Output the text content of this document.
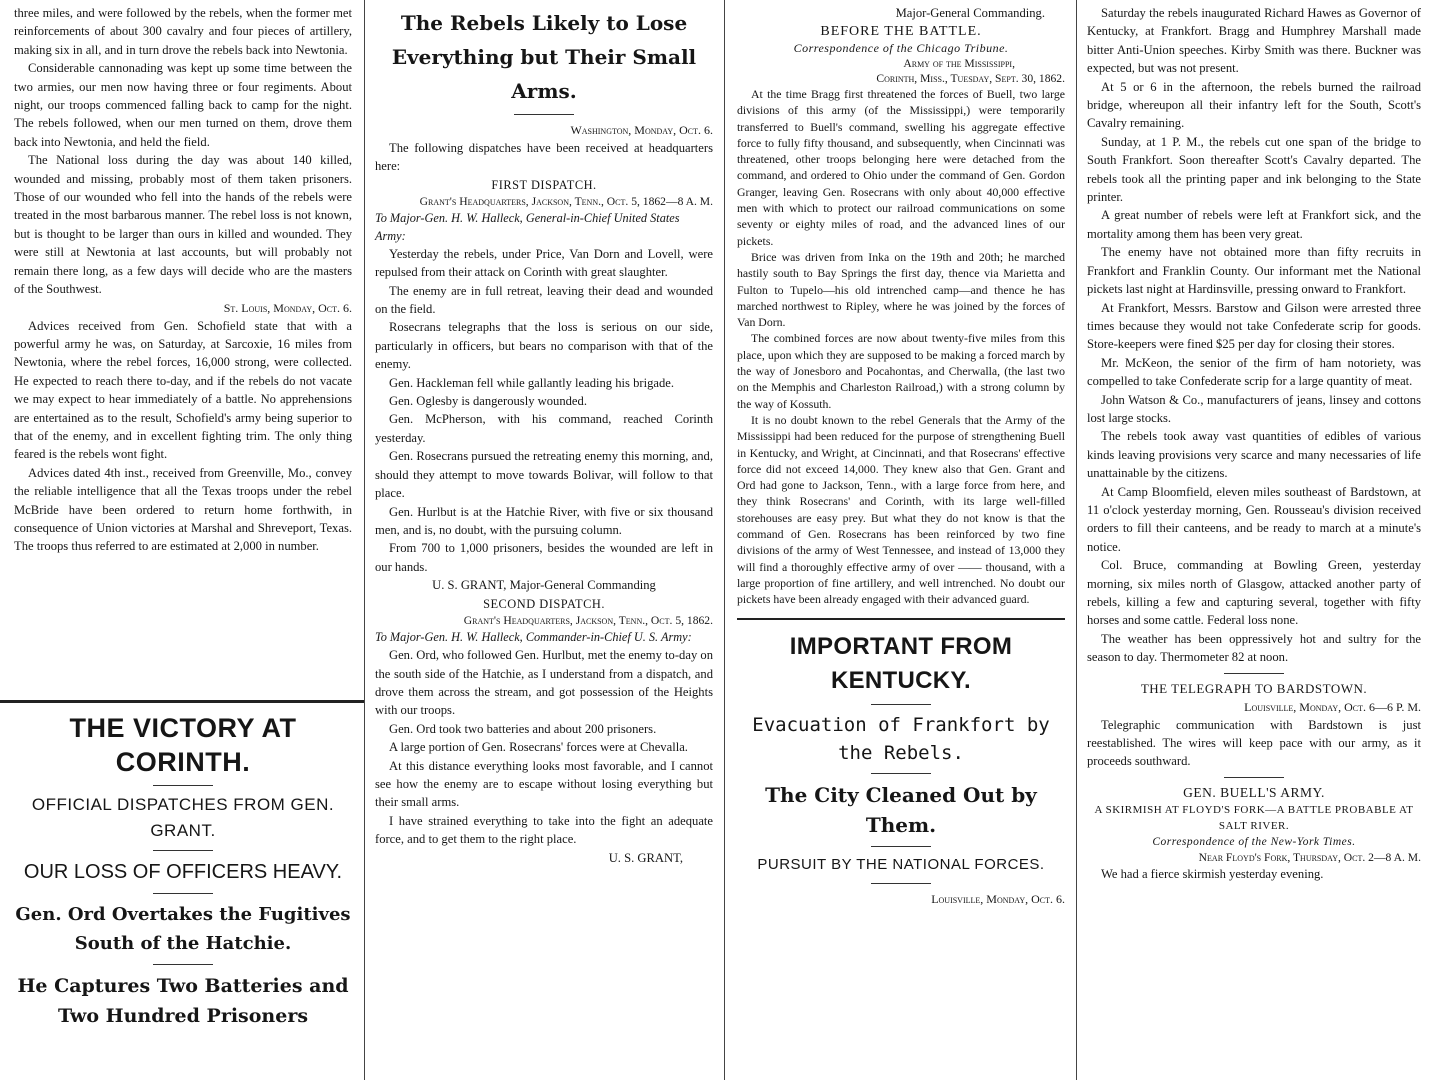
three miles, and were followed by the rebels, when the former met reinforcements of about 300 cavalry and four pieces of artillery, making six in all, and in turn drove the rebels back into Newtonia.

Considerable cannonading was kept up some time between the two armies, our men now having three or four regiments. About night, our troops commenced falling back to camp for the night. The rebels followed, when our men turned on them, drove them back into Newtonia, and held the field.

The National loss during the day was about 140 killed, wounded and missing, probably most of them taken prisoners. Those of our wounded who fell into the hands of the rebels were treated in the most barbarous manner. The rebel loss is not known, but is thought to be larger than ours in killed and wounded. They were still at Newtonia at last accounts, but will probably not remain there long, as a few days will decide who are the masters of the Southwest.

St. Louis, Monday, Oct. 6.

Advices received from Gen. Schofield state that with a powerful army he was, on Saturday, at Sarcoxie, 16 miles from Newtonia, where the rebel forces, 16,000 strong, were collected. He expected to reach there to-day, and if the rebels do not vacate we may expect to hear immediately of a battle. No apprehensions are entertained as to the result, Schofield's army being superior to that of the enemy, and in excellent fighting trim. The only thing feared is the rebels wont fight.

Advices dated 4th inst., received from Greenville, Mo., convey the reliable intelligence that all the Texas troops under the rebel McBride have been ordered to return home forthwith, in consequence of Union victories at Marshal and Shreveport, Texas. The troops thus referred to are estimated at 2,000 in number.

THE VICTORY AT CORINTH.

OFFICIAL DISPATCHES FROM GEN. GRANT.

OUR LOSS OF OFFICERS HEAVY.

Gen. Ord Overtakes the Fugitives South of the Hatchie.

He Captures Two Batteries and Two Hundred Prisoners

The Rebels Likely to Lose Everything but Their Small Arms.

Washington, Monday, Oct. 6.

The following dispatches have been received at headquarters here:

FIRST DISPATCH.

Grant's Headquarters, Jackson, Tenn., Oct. 5, 1862—8 A. M.

To Major-Gen. H. W. Halleck, General-in-Chief United States Army:

Yesterday the rebels, under Price, Van Dorn and Lovell, were repulsed from their attack on Corinth with great slaughter.

The enemy are in full retreat, leaving their dead and wounded on the field.

Rosecrans telegraphs that the loss is serious on our side, particularly in officers, but bears no comparison with that of the enemy.

Gen. Hackleman fell while gallantly leading his brigade.

Gen. Oglesby is dangerously wounded.

Gen. McPherson, with his command, reached Corinth yesterday.

Gen. Rosecrans pursued the retreating enemy this morning, and, should they attempt to move towards Bolivar, will follow to that place.

Gen. Hurlbut is at the Hatchie River, with five or six thousand men, and is, no doubt, with the pursuing column.

From 700 to 1,000 prisoners, besides the wounded are left in our hands.

U. S. GRANT, Major-General Commanding

SECOND DISPATCH.

Grant's Headquarters, Jackson, Tenn., Oct. 5, 1862.

To Major-Gen. H. W. Halleck, Commander-in-Chief U. S. Army:

Gen. Ord, who followed Gen. Hurlbut, met the enemy to-day on the south side of the Hatchie, as I understand from a dispatch, and drove them across the stream, and got possession of the Heights with our troops.

Gen. Ord took two batteries and about 200 prisoners.

A large portion of Gen. Rosecrans' forces were at Chevalla.

At this distance everything looks most favorable, and I cannot see how the enemy are to escape without losing everything but their small arms.

I have strained everything to take into the fight an adequate force, and to get them to the right place.

U. S. GRANT,

Major-General Commanding.

BEFORE THE BATTLE.

Correspondence of the Chicago Tribune.

Army of the Mississippi,

Corinth, Miss., Tuesday, Sept. 30, 1862.

At the time Bragg first threatened the forces of Buell, two large divisions of this army (of the Mississippi,) were temporarily transferred to Buell's command, swelling his aggregate effective force to fully fifty thousand, and subsequently, when Cincinnati was threatened, other troops belonging here were detached from the command, and ordered to Ohio under the command of Gen. Gordon Granger, leaving Gen. Rosecrans with only about 40,000 effective men with which to protect our railroad communications on some seventy or eighty miles of road, and the advanced lines of our pickets.

Brice was driven from Inka on the 19th and 20th; he marched hastily south to Bay Springs the first day, thence via Marietta and Fulton to Tupelo—his old intrenched camp—and thence he has marched northwest to Ripley, where he was joined by the forces of Van Dorn.

The combined forces are now about twenty-five miles from this place, upon which they are supposed to be making a forced march by the way of Jonesboro and Pocahontas, and Cherwalla, (the last two on the Memphis and Charleston Railroad,) with a strong column by the way of Kossuth.

It is no doubt known to the rebel Generals that the Army of the Mississippi had been reduced for the purpose of strengthening Buell in Kentucky, and Wright, at Cincinnati, and that Rosecrans' effective force did not exceed 14,000. They knew also that Gen. Grant and Ord had gone to Jackson, Tenn., with a large force from here, and they think Rosecrans' and Corinth, with its large well-filled storehouses are easy prey. But what they do not know is that the command of Gen. Rosecrans has been reinforced by two fine divisions of the army of West Tennessee, and instead of 13,000 they will find a thoroughly effective army of over —— thousand, with a large proportion of fine artillery, and well intrenched. No doubt our pickets have been already engaged with their advanced guard.

IMPORTANT FROM KENTUCKY.

Evacuation of Frankfort by the Rebels.

The City Cleaned Out by Them.

PURSUIT BY THE NATIONAL FORCES.

Louisville, Monday, Oct. 6.

Saturday the rebels inaugurated Richard Hawes as Governor of Kentucky, at Frankfort. Bragg and Humphrey Marshall made bitter Anti-Union speeches. Kirby Smith was there. Buckner was expected, but was not present.

At 5 or 6 in the afternoon, the rebels burned the railroad bridge, whereupon all their infantry left for the South, Scott's Cavalry remaining.

Sunday, at 1 P. M., the rebels cut one span of the bridge to South Frankfort. Soon thereafter Scott's Cavalry departed. The rebels took all the printing paper and ink belonging to the State printer.

A great number of rebels were left at Frankfort sick, and the mortality among them has been very great.

The enemy have not obtained more than fifty recruits in Frankfort and Franklin County. Our informant met the National pickets last night at Hardinsville, pressing onward to Frankfort.

At Frankfort, Messrs. Barstow and Gilson were arrested three times because they would not take Confederate scrip for goods. Store-keepers were fined $25 per day for closing their stores.

Mr. McKeon, the senior of the firm of ham notoriety, was compelled to take Confederate scrip for a large quantity of meat.

John Watson & Co., manufacturers of jeans, linsey and cottons lost large stocks.

The rebels took away vast quantities of edibles of various kinds leaving provisions very scarce and many necessaries of life unattainable by the citizens.

At Camp Bloomfield, eleven miles southeast of Bardstown, at 11 o'clock yesterday morning, Gen. Rousseau's division received orders to fill their canteens, and be ready to march at a minute's notice.

Col. Bruce, commanding at Bowling Green, yesterday morning, six miles north of Glasgow, attacked another party of rebels, killing a few and capturing several, together with fifty horses and some cattle. Federal loss none.

The weather has been oppressively hot and sultry for the season to day. Thermometer 82 at noon.

THE TELEGRAPH TO BARDSTOWN.

Louisville, Monday, Oct. 6—6 P. M.

Telegraphic communication with Bardstown is just reestablished. The wires will keep pace with our army, as it proceeds southward.

GEN. BUELL'S ARMY.

A SKIRMISH AT FLOYD'S FORK—A BATTLE PROBABLE AT SALT RIVER.

Correspondence of the New-York Times.

Near Floyd's Fork, Thursday, Oct. 2—8 A. M.

We had a fierce skirmish yesterday evening.
